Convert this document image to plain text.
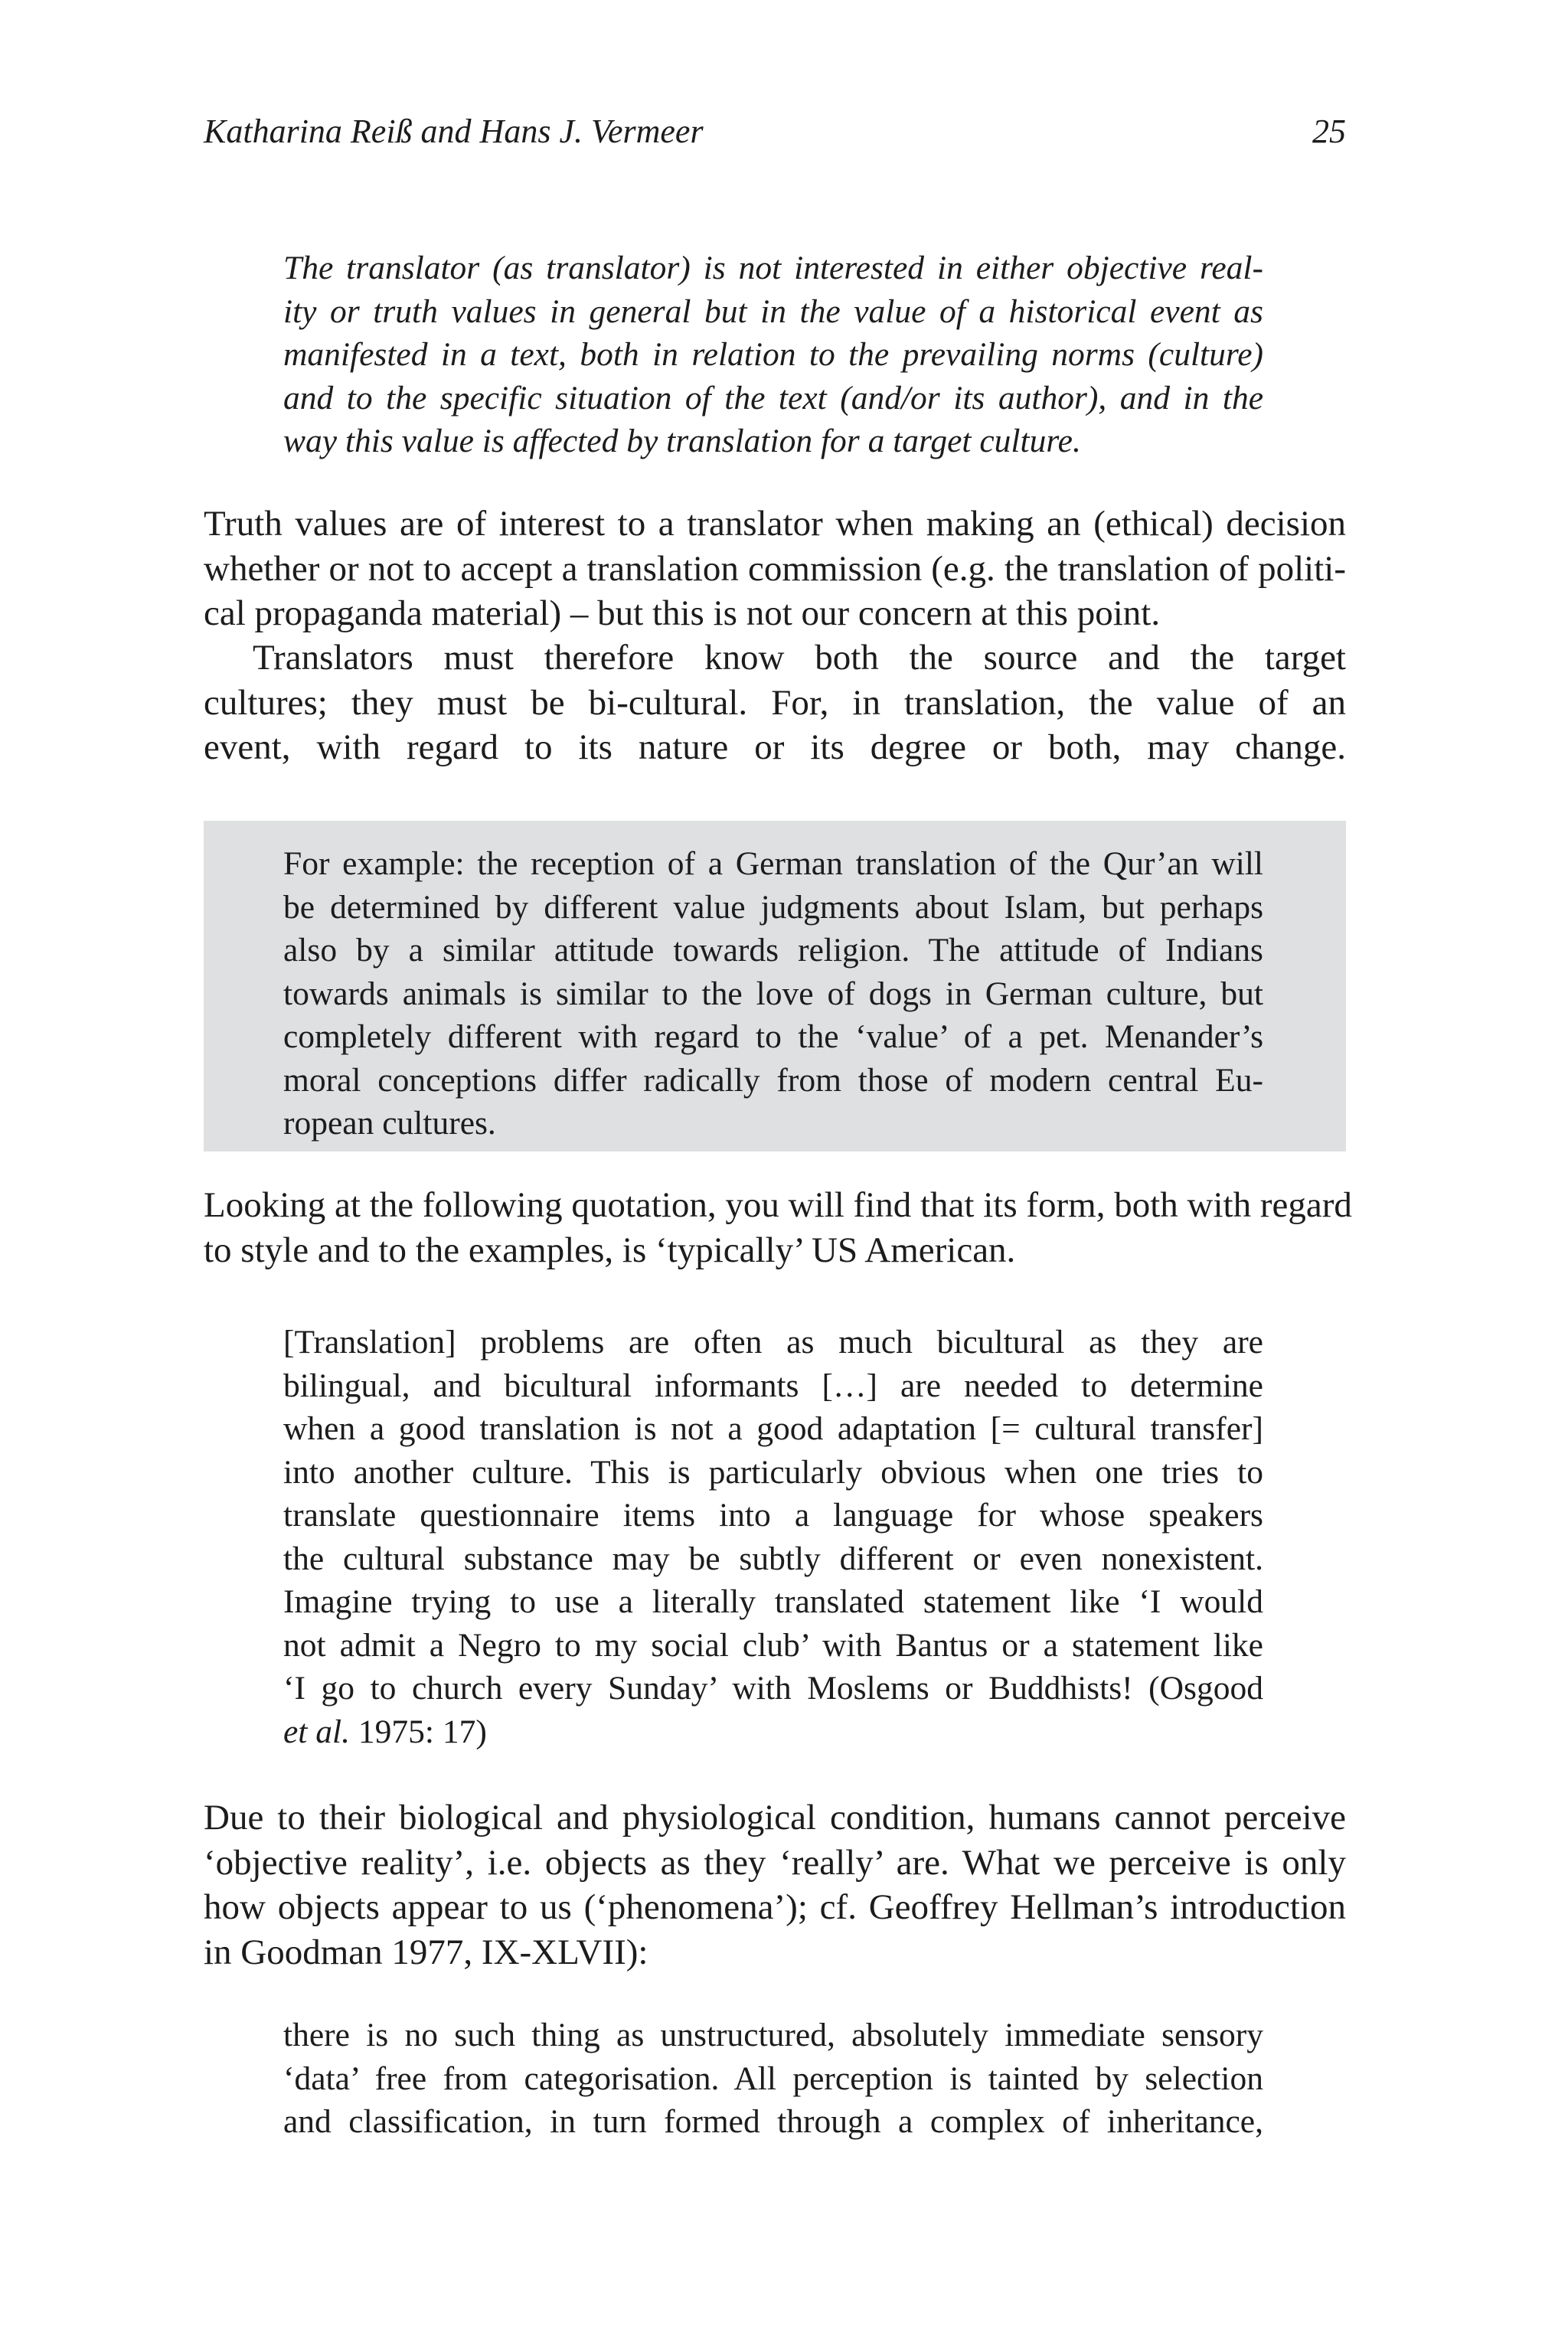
Katharina Reiß and Hans J. Vermeer	25
The translator (as translator) is not interested in either objective real-
ity or truth values in general but in the value of a historical event as
manifested in a text, both in relation to the prevailing norms (culture)
and to the specific situation of the text (and/or its author), and in the
way this value is affected by translation for a target culture.
Truth values are of interest to a translator when making an (ethical) decision
whether or not to accept a translation commission (e.g. the translation of politi-
cal propaganda material) – but this is not our concern at this point.
Translators must therefore know both the source and the target
cultures; they must be bi-cultural. For, in translation, the value of an
event, with regard to its nature or its degree or both, may change.
For example: the reception of a German translation of the Qur’an will
be determined by different value judgments about Islam, but perhaps
also by a similar attitude towards religion. The attitude of Indians
towards animals is similar to the love of dogs in German culture, but
completely different with regard to the ‘value’ of a pet. Menander’s
moral conceptions differ radically from those of modern central Eu-
ropean cultures.
Looking at the following quotation, you will find that its form, both with regard
to style and to the examples, is ‘typically’ US American.
[Translation] problems are often as much bicultural as they are
bilingual, and bicultural informants […] are needed to determine
when a good translation is not a good adaptation [= cultural transfer]
into another culture. This is particularly obvious when one tries to
translate questionnaire items into a language for whose speakers
the cultural substance may be subtly different or even nonexistent.
Imagine trying to use a literally translated statement like ‘I would
not admit a Negro to my social club’ with Bantus or a statement like
‘I go to church every Sunday’ with Moslems or Buddhists! (Osgood
et al. 1975: 17)
Due to their biological and physiological condition, humans cannot perceive
‘objective reality’, i.e. objects as they ‘really’ are. What we perceive is only
how objects appear to us (‘phenomena’); cf. Geoffrey Hellman’s introduction
in Goodman 1977, IX-XLVII):
there is no such thing as unstructured, absolutely immediate sensory
‘data’ free from categorisation. All perception is tainted by selection
and classification, in turn formed through a complex of inheritance,
